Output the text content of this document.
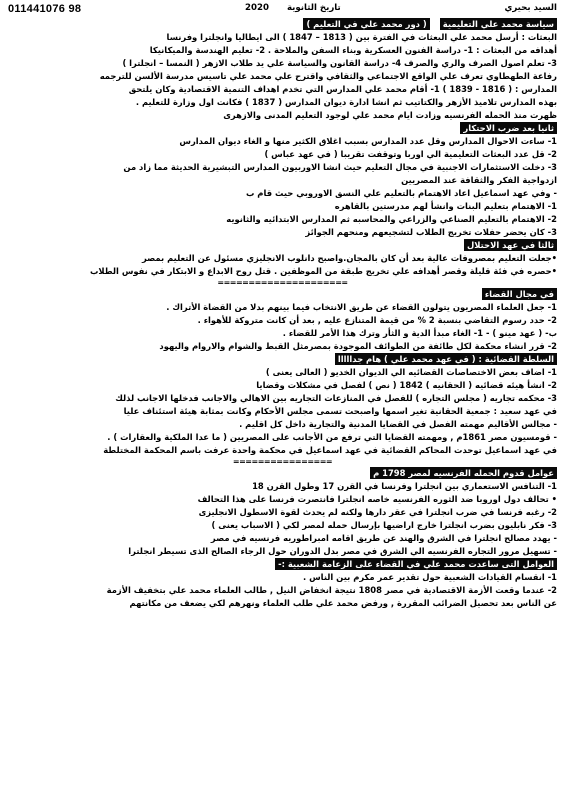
السيد بحيري
تاريخ الثانوية
2020
011441076 98
سياسة محمد علي التعليمية
( دور محمد علي في التعليم )
البعثات : أرسل محمد علي البعثات في الفترة بين ( 1813 – 1847 ) الى ايطاليا وانجلترا وفرنسا
أهدافه من البعثات : 1- دراسة الفنون العسكرية وبناء السفن والملاحة . 2- تعليم الهندسة والميكانيكا
3- تعلم اصول الصرف والري والصرف 4- دراسة القانون والسياسة علي يد طلاب الازهر ( النمسا – انجلترا )
رفاعة الطهطاوي تعرف علي الواقع الاجتماعي والثقافي واقترح علي محمد علي تاسيس مدرسة الألسن للترجمه
المدارس : ( 1816 - 1839 ) 1- أقام محمد علي المدارس التي تخدم اهداف التنمية الاقتصادية وكان يلتحق
بهذه المدارس تلاميذ الأزهر والكتاتيب ثم انشا ادارة ديوان المدارس ( 1837 ) فكانت اول وزارة للتعليم .
ظهرت منذ الحمله الفرنسيه وزادت ايام محمد علي لوجود التعليم المدنى والازهرى
ثانيا بعد ضرب الاحتكار
1- ساءت الاحوال المدارس وقل عدد المدارس بسبب اغلاق الكثير منها و الغاء ديوان المدارس
2- قل عدد البعثات التعليمية الي اوربا وتوقفت تقريبا ( في عهد عباس )
3- دخلت الاستثمارات الاجنبية في مجال التعليم حيث انشا الاوربيون المدارس التبشيرية الحديثة مما زاد من
ازدواجية الفكر والثقافة عند المصريين
- وفي عهد اسماعيل اعاد الاهتمام بالتعليم علي النسق الاوروبي حيث قام ب
1- الاهتمام بتعليم البنات وانشأ لهم مدرستين بالقاهره
2- الاهتمام بالتعليم الصناعي والزراعي والمحاسبه ثم المدارس الابتدائيه والثانويه
3- كان يحضر حفلات تخريج الطلاب لتشجيعهم ومنحهم الجوائز
ثالثا في عهد الاحتلال
•جعلت التعليم بمصروفات عالية بعد أن كان بالمجان.واصبح دانلوب الانجليزي مسئول عن التعليم بمصر
•حصره في فئة قليلة وقصر أهدافه علي تخريج طبقة من الموظفين . قتل روح الابداع و الابتكار في نفوس الطلاب
=====================
في مجال القضاء
1- جعل العلماء المصريون يتولون القضاء عن طريق الانتخاب فيما بينهم بدلا من القضاة الأتراك .
2- حدد رسوم التقاضي بنسبة 2 % من قيمة المتنازع عليه , بعد أن كانت متروكة للأهواء .
ب- ( عهد مينو ) - 1- الغاء مبدأ الدية و الثأر وترك هذا الأمر للقضاء .
2- قرر انشاء محكمة لكل طائفة من الطوائف الموجودة بمصرمثل القبط والشوام والاروام واليهود
السلطة القضائية : ( في عهد محمد علي ) هام جدااااا
1- اضاف بعض الاختصاصات القضائيه الي الديوان الخديو ( العالى يعنى )
2- انشأ هيئه قضائيه ( الحقانيه ) 1842 ( نص ) لفصل في مشكلات وقضايا
3- محكمه تجاريه ( مجلس التجاره ) للفصل في المنازعات التجاريه بين الاهالي والاجانب فدخلها الاجانب لذلك
في عهد سعيد : جمعية الحقانية تغير اسمها واصبحت تسمى مجلس الأحكام وكانت بمثابة هيئة استئناف عليا
- مجالس الأقاليم مهمته الفصل في القضايا المدنية والتجارية داخل كل اقليم .
- قومسيون مصر 1861م , ومهمته القضايا التي ترفع من الأجانب على المصريين ( ما عدا الملكية والعقارات ) .
في عهد اسماعيل توحدت المحاكم القضائية في عهد اسماعيل في محكمة واحدة عرفت باسم المحكمة المختلطة
================
عوامل قدوم الحمله الفرنسيه لمصر 1798 م
1- التنافس الاستعماري بين انجلترا وفرنسا في القرن 17 وطول القرن 18
• تحالف دول اوروبا ضد الثوره الفرنسيه خاصه انجلترا فانتصرت فرنسا على هذا التحالف
2- رغبه فرنسا في ضرب انجلترا في عقر دارها ولكنه لم يحدث لقوة الاسطول الانجليزى
3- فكر نابليون بضرب انجلترا خارج اراضيها بإرسال حمله لمصر لكي ( الاسباب يعنى )
- يهدد مصالح انجلترا في الشرق والهند عن طريق اقامه امبراطوريه فرنسيه في مصر
- تسهيل مرور التجاره الفرنسيه الي الشرق في مصر بدل الدوران حول الرجاء الصالح الذى تسيطر انجلترا
العوامل التى ساعدت محمد علي في القضاء على الزعامة الشعبية :-
1- انقسام القيادات الشعبية حول تقدير عمر مكرم بين الناس .
2- عندما وقعت الأزمة الاقتصادية في مصر 1808 نتيجة انخفاض النيل , طالب العلماء محمد علي بتخفيف الأزمة
عن الناس بعد تحصيل الضرائب المقررة , ورفض محمد علي طلب العلماء ونهرهم لكي يضعف من مكانتهم
